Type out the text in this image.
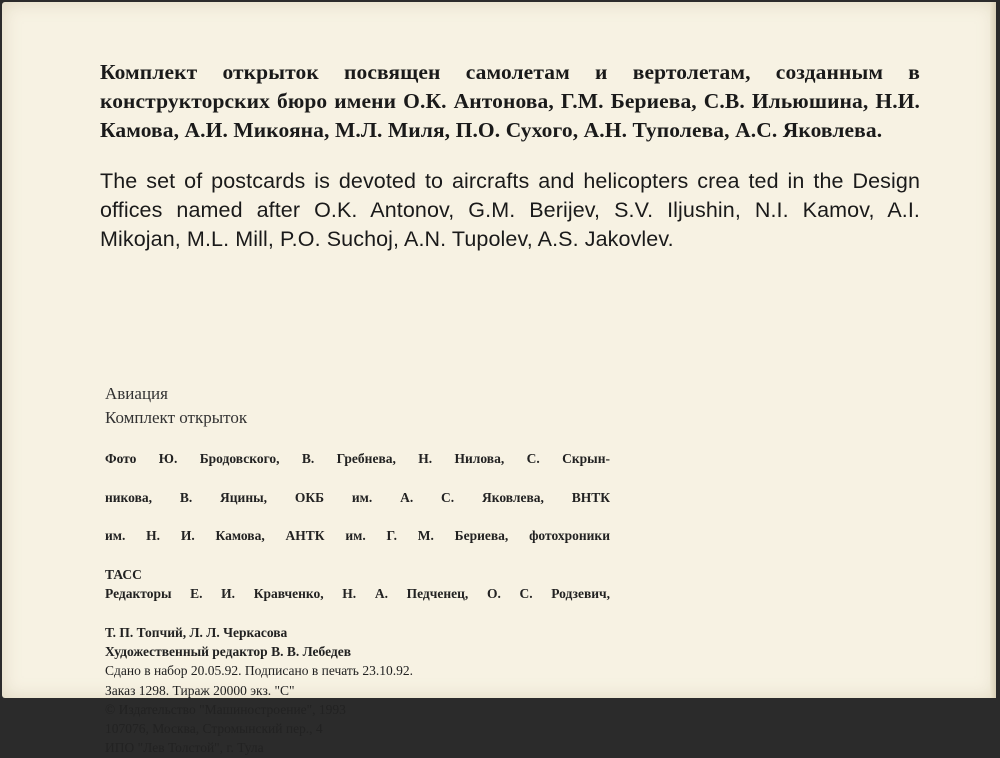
Комплект открыток посвящен самолетам и вертолетам, созданным в конструкторских бюро имени О.К. Антонова, Г.М. Бериева, С.В. Ильюшина, Н.И. Камова, А.И. Микояна, М.Л. Миля, П.О. Сухого, А.Н. Туполева, А.С. Яковлева.

The set of postcards is devoted to aircrafts and helicopters crea ted in the Design offices named after O.K. Antonov, G.M. Berijev, S.V. Iljushin, N.I. Kamov, A.I. Mikojan, M.L. Mill, P.O. Suchoj, A.N. Tupolev, A.S. Jakovlev.

Авиация
Комплект открыток
Фото Ю. Бродовского, В. Гребнева, Н. Нилова, С. Скрын-
никова, В. Яцины, ОКБ им. А. С. Яковлева, ВНТК
им. Н. И. Камова, АНТК им. Г. М. Бериева, фотохроники
ТАСС
Редакторы Е. И. Кравченко, Н. А. Педченец, О. С. Родзевич,
Т. П. Топчий, Л. Л. Черкасова
Художественный редактор В. В. Лебедев
Сдано в набор 20.05.92. Подписано в печать 23.10.92.
Заказ 1298. Тираж 20000 экз. "С"
© Издательство "Машиностроение", 1993
107076, Москва, Стромынский пер., 4
ИПО "Лев Толстой", г. Тула
